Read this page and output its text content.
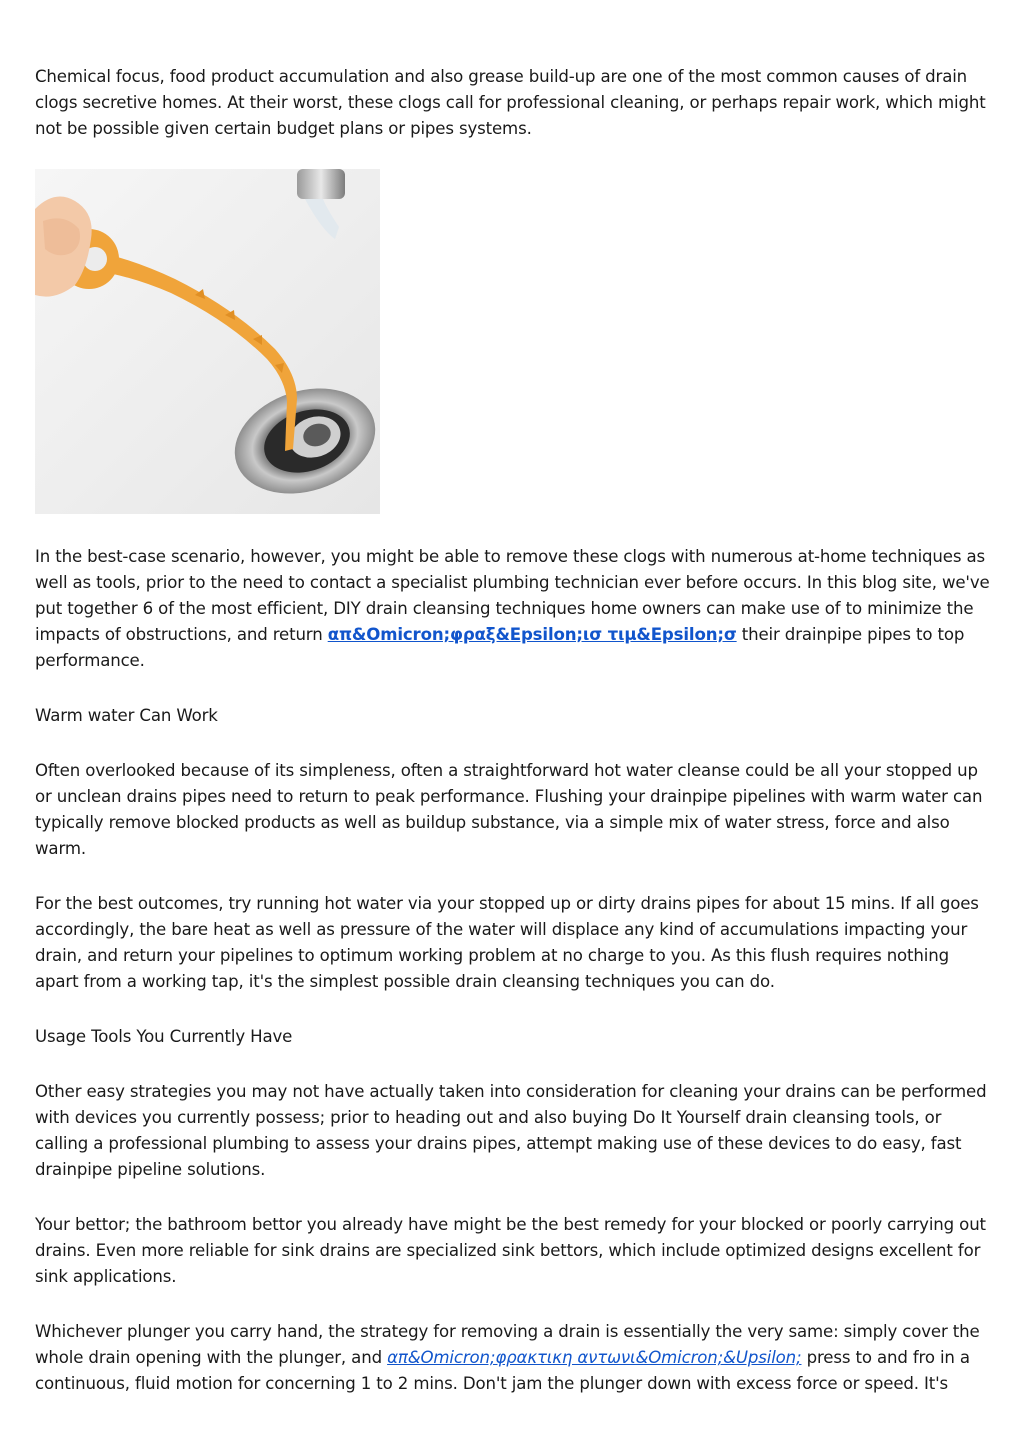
Chemical focus, food product accumulation and also grease build-up are one of the most common causes of drain clogs secretive homes. At their worst, these clogs call for professional cleaning, or perhaps repair work, which might not be possible given certain budget plans or pipes systems.

In the best-case scenario, however, you might be able to remove these clogs with numerous at-home techniques as well as tools, prior to the need to contact a specialist plumbing technician ever before occurs. In this blog site, we've put together 6 of the most efficient, DIY drain cleansing techniques home owners can make use of to minimize the impacts of obstructions, and return απ&Omicron;φραξ&Epsilon;ισ τιμ&Epsilon;σ their drainpipe pipes to top performance.

Warm water Can Work

Often overlooked because of its simpleness, often a straightforward hot water cleanse could be all your stopped up or unclean drains pipes need to return to peak performance. Flushing your drainpipe pipelines with warm water can typically remove blocked products as well as buildup substance, via a simple mix of water stress, force and also warm.

For the best outcomes, try running hot water via your stopped up or dirty drains pipes for about 15 mins. If all goes accordingly, the bare heat as well as pressure of the water will displace any kind of accumulations impacting your drain, and return your pipelines to optimum working problem at no charge to you. As this flush requires nothing apart from a working tap, it's the simplest possible drain cleansing techniques you can do.

Usage Tools You Currently Have

Other easy strategies you may not have actually taken into consideration for cleaning your drains can be performed with devices you currently possess; prior to heading out and also buying Do It Yourself drain cleansing tools, or calling a professional plumbing to assess your drains pipes, attempt making use of these devices to do easy, fast drainpipe pipeline solutions.

Your bettor; the bathroom bettor you already have might be the best remedy for your blocked or poorly carrying out drains. Even more reliable for sink drains are specialized sink bettors, which include optimized designs excellent for sink applications.

Whichever plunger you carry hand, the strategy for removing a drain is essentially the very same: simply cover the whole drain opening with the plunger, and απ&Omicron;φρακτικη αντωνι&Omicron;&Upsilon; press to and fro in a continuous, fluid motion for concerning 1 to 2 mins. Don't jam the plunger down with excess force or speed. It's
